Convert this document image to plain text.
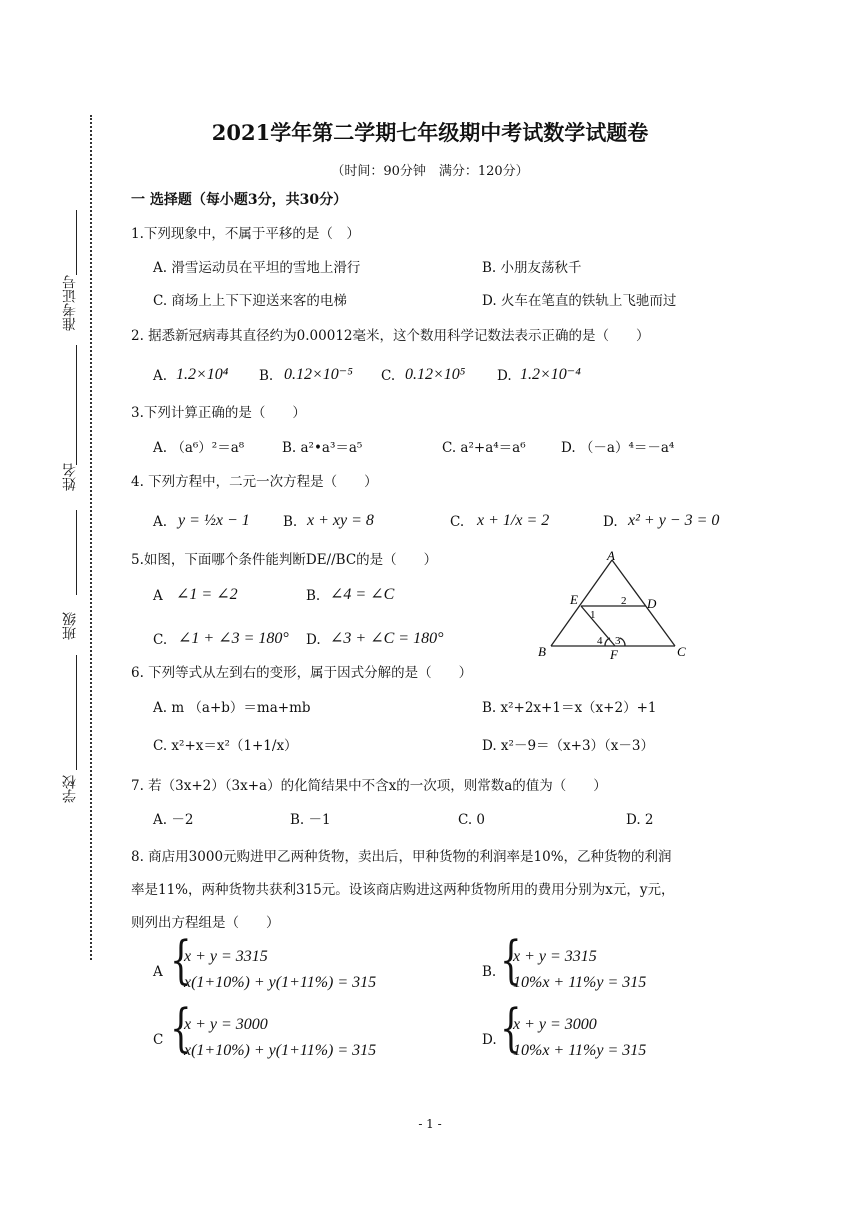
准考证号
姓名
班级
学校
2021学年第二学期七年级期中考试数学试题卷
（时间：90分钟　满分：120分）
一 选择题（每小题3分，共30分）
1.下列现象中，不属于平移的是（　）
A. 滑雪运动员在平坦的雪地上滑行	B. 小朋友荡秋千
C. 商场上上下下迎送来客的电梯	D. 火车在笔直的铁轨上飞驰而过
2. 据悉新冠病毒其直径约为0.00012毫米，这个数用科学记数法表示正确的是（　　）
A. 1.2×10⁴ B. 0.12×10⁻⁵ C. 0.12×10⁵ D. 1.2×10⁻⁴
3.下列计算正确的是（　　）
A. （a⁶）²＝a⁸	B. a²•a³＝a⁵	C. a²+a⁴＝a⁶	D. （－a）⁴＝－a⁴
4. 下列方程中，二元一次方程是（　　）
A. y = ½x − 1 B. x + xy = 8	C. x + 1/x = 2	D. x² + y − 3 = 0
5.如图，下面哪个条件能判断DE//BC的是（　　）
A ∠1 = ∠2	B. ∠4 = ∠C
C. ∠1 + ∠3 = 180° D. ∠3 + ∠C = 180°
A
B	C
D
E
F
1
2
3
4
6. 下列等式从左到右的变形，属于因式分解的是（　　）
A. m （a+b）＝ma+mb	B. x²+2x+1＝x（x+2）+1
C. x²+x＝x²（1+1/x）	D. x²－9＝（x+3）（x－3）
7. 若（3x+2）（3x+a）的化简结果中不含x的一次项，则常数a的值为（　　）
A. －2	B. －1	C. 0	D. 2
8. 商店用3000元购进甲乙两种货物，卖出后，甲种货物的利润率是10%，乙种货物的利润
率是11%，两种货物共获利315元。设该商店购进这两种货物所用的费用分别为x元，y元，
则列出方程组是（　　）
A {
x + y = 3315
x(1+10%) + y(1+11%) = 315
B. {
x + y = 3315
10%x + 11%y = 315
C {
x + y = 3000
x(1+10%) + y(1+11%) = 315
D. {
x + y = 3000
10%x + 11%y = 315
- 1 -
